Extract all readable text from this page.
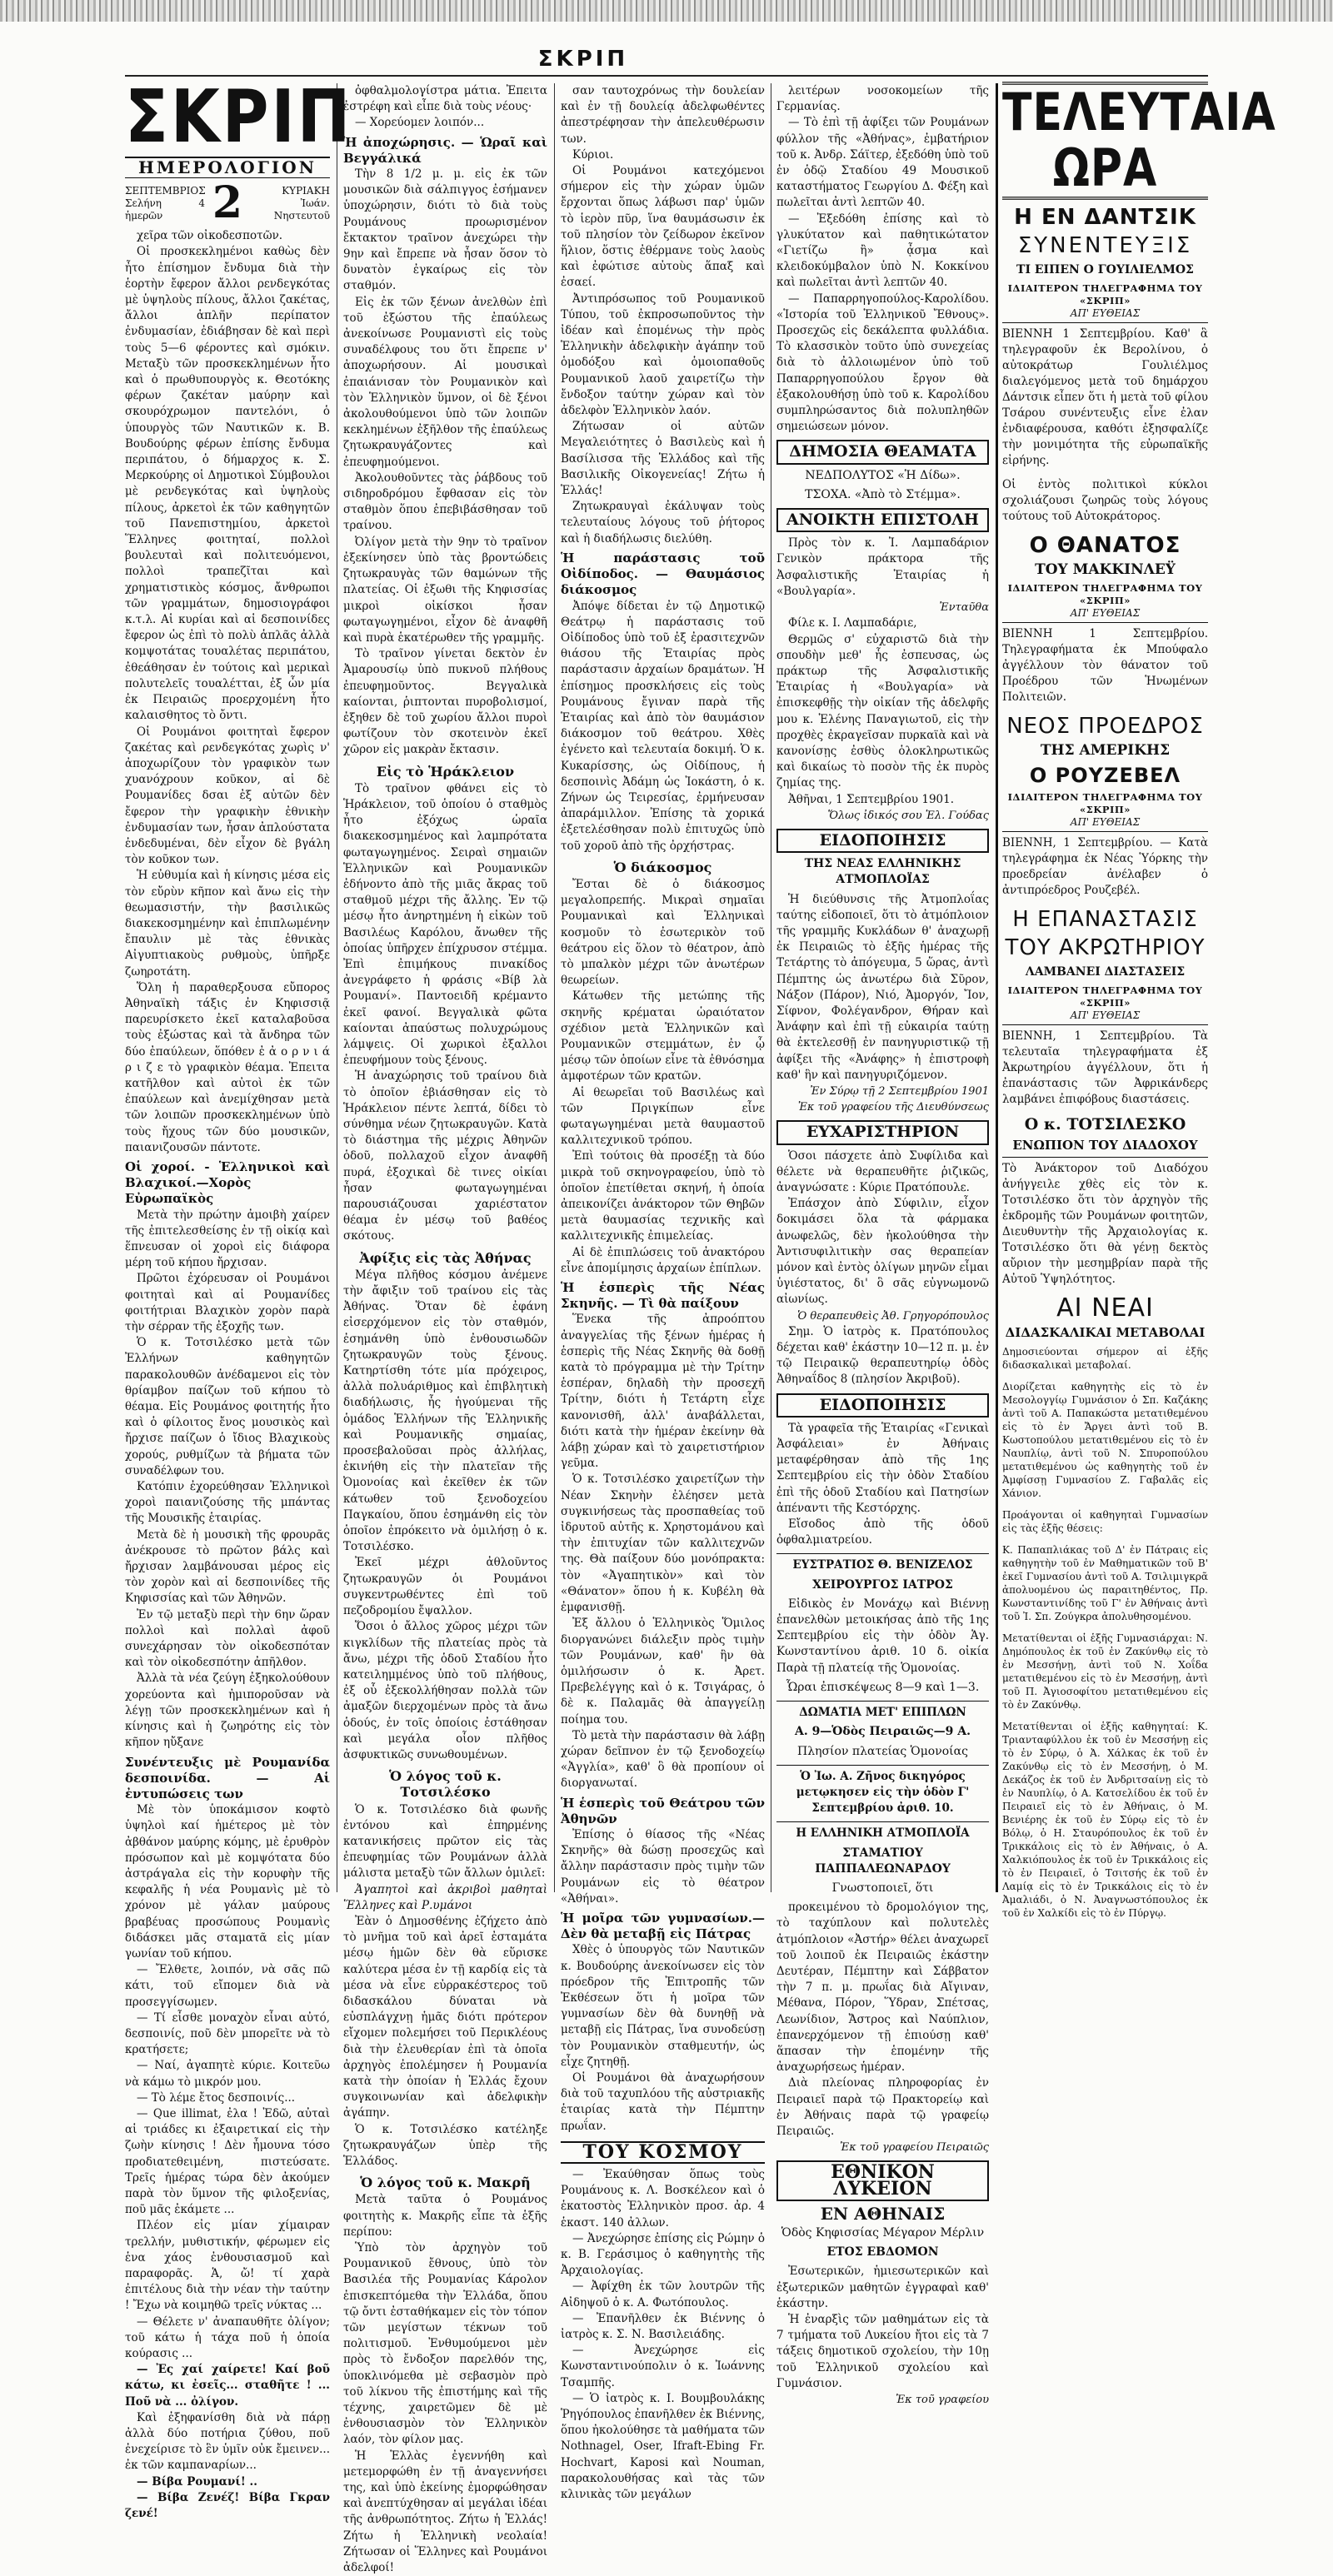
ΣΚΡΙΠ
ΣΚΡΙΠ
ΗΜΕΡΟΛΟΓΙΟΝ
ΣΕΠΤΕΜΒΡΙΟΣ
Σελήνη 4 ἡμερῶν	2	ΚΥΡΙΑΚΗ
Ἰωάν. Νηστευτοῦ

χεῖρα τῶν οἰκοδεσποτῶν.

Οἱ προσκεκλημένοι καθὼς δὲν ἦτο ἐπίσημον ἔνδυμα διὰ τὴν ἑορτὴν ἔφερον ἄλλοι ρενδεγκότας μὲ ὑψηλοὺς πίλους, ἄλλοι ζακέτας, ἄλλοι ἁπλῆν περίπατον ἐνδυμασίαν, ἐδιάβησαν δὲ καὶ περὶ τοὺς 5—6 φέροντες καὶ σμόκιν. Μεταξὺ τῶν προσκεκλημένων ἦτο καὶ ὁ πρωθυπουργὸς κ. Θεοτόκης φέρων ζακέταν μαύρην καὶ σκουρόχρωμον παντελόνι, ὁ ὑπουργὸς τῶν Ναυτικῶν κ. Β. Βουδούρης φέρων ἐπίσης ἔνδυμα περιπάτου, ὁ δήμαρχος κ. Σ. Μερκούρης οἱ Δημοτικοὶ Σύμβουλοι μὲ ρενδεγκότας καὶ ὑψηλοὺς πίλους, ἀρκετοὶ ἐκ τῶν καθηγητῶν τοῦ Πανεπιστημίου, ἀρκετοὶ Ἕλληνες φοιτηταί, πολλοὶ βουλευταὶ καὶ πολιτευόμενοι, πολλοὶ τραπεζῖται καὶ χρηματιστικὸς κόσμος, ἄνθρωποι τῶν γραμμάτων, δημοσιογράφοι κ.τ.λ. Αἱ κυρίαι καὶ αἱ δεσποινίδες ἔφερον ὡς ἐπὶ τὸ πολὺ ἁπλᾶς ἀλλὰ κομψοτάτας τουαλέτας περιπάτου, ἐθεάθησαν ἐν τούτοις καὶ μερικαὶ πολυτελεῖς τουαλέτται, ἐξ ὧν μία ἐκ Πειραιῶς προερχομένη ἦτο καλαισθητος τὸ ὄντι.

Οἱ Ρουμάνοι φοιτηταὶ ἔφερον ζακέτας καὶ ρενδεγκότας χωρὶς ν' ἀποχωρίζουν τὸν γραφικὸν των χυανόχρουν κοῦκον, αἱ δὲ Ρουμανίδες δσαι ἐξ αὐτῶν δὲν ἔφερον τὴν γραφικὴν ἐθνικὴν ἐνδυμασίαν των, ἦσαν ἀπλούστατα ἐνδεδυμέναι, δὲν εἶχον δὲ βγάλη τὸν κοῦκον των.

Ἡ εὐθυμία καὶ ἡ κίνησις μέσα εἰς τὸν εὔρὺν κῆπον καὶ ἄνω εἰς τὴν θεωμασιστήν, τὴν βασιλικῶς διακεκοσμημένην καὶ ἐπιπλωμένην ἔπαυλιν μὲ τὰς ἐθνικὰς Αἰγυπτιακοὺς ρυθμοὺς, ὑπῆρξε ζωηροτάτη.

Ὅλη ἡ παραθερξουσα εὔπορος Ἀθηναϊκὴ τάξις ἐν Κηφισσιᾷ παρευρίσκετο ἐκεῖ καταλαβοῦσα τοὺς ἐξώστας καὶ τὰ ἄνδηρα τῶν δύο ἐπαύλεων, ὅπόθεν ἐ ἀ ο ρ ν ι ά ρ ι ζ ε τὸ γραφικὸν θέαμα. Ἐπειτα κατῆλθον καὶ αὐτοὶ ἐκ τῶν ἐπαύλεων καὶ ἀνεμίχθησαν μετὰ τῶν λοιπῶν προσκεκλημένων ὑπὸ τοὺς ἤχους τῶν δύο μουσικῶν, παιανιζουσῶν πάντοτε.

Οἱ χοροί. - Ἑλληνικοὶ καὶ Βλαχικοί.—Χορὸς Εὐρωπαϊκὸς

Μετὰ τὴν πρώτην ἀμοιβὴ χαίρεν τῆς ἐπιτελεσθείσης ἐν τῇ οἰκίᾳ καὶ ἕπνευσαν οἱ χοροὶ εἰς διάφορα μέρη τοῦ κήπου ἤρχισαν.

Πρῶτοι ἐχόρευσαν οἱ Ρουμάνοι φοιτηταὶ καὶ αἱ Ρουμανίδες φοιτήτριαι Βλαχικὸν χορὸν παρὰ τὴν σέρραν τῆς ἐξοχῆς των.

Ὁ κ. Τοτσιλέσκο μετὰ τῶν Ἐλλήνων καθηγητῶν παρακολουθῶν ἀνέδαμενοι εἰς τὸν θρίαμβον παίζων τοῦ κήπου τὸ θέαμα. Εἰς Ρουμάνος φοιτητής ἦτο καὶ ὁ φίλοιτος ἔνος μουσικὸς καὶ ἤρχισε παίζων ὁ ἴδιος Βλαχικοὺς χορούς, ρυθμίζων τὰ βήματα τῶν συναδέλφων του.

Κατόπιν ἐχορεύθησαν Ἑλληνικοὶ χοροὶ παιανιζούσης τῆς μπάντας τῆς Μουσικῆς ἑταιρίας.

Μετὰ δὲ ἡ μουσικὴ τῆς φρουρᾶς ἀνέκρουσε τὸ πρῶτον βάλς καὶ ἤρχισαν λαμβάνουσαι μέρος εἰς τὸν χορὸν καὶ αἱ δεσποινίδες τῆς Κηφισσίας καὶ τῶν Ἀθηνῶν.

Ἐν τῷ μεταξὺ περὶ τὴν 6ην ὥραν πολλοὶ καὶ πολλαὶ ἀφοῦ συνεχάρησαν τὸν οἰκοδεσπόταν καὶ τὸν οἰκοδεσπότην ἀπῆλθον.

Ἀλλὰ τὰ νέα ζεύγη ἐξηκολούθουν χορεύοντα καὶ ἠμιποροῦσαν νὰ λέγῃ τῶν προσκεκλημένων καὶ ἡ κίνησις καὶ ἡ ζωηρότης εἰς τὸν κῆπον ηὔξανε

Συνέντευξις μὲ Ρουμανίδα δεσποινίδα. — Αἱ ἐντυπώσεις των

Μὲ τὸν ὑποκάμισον κοφτὸ ὑψηλοὶ καί ἡμέτερος μὲ τὸν ἀβθάνον μαύρης κόμης, μὲ ἐρυθρὸν πρόσωπον καὶ μὲ κομψότατα δύο ἀστράγαλα εἰς τὴν κορυφὴν τῆς κεφαλῆς ἡ νέα Ρουμανὶς μὲ τὸ χρόνον μὲ γάλαν μαύρους βραβέυας προσώπους Ρουμανὶς διδάσκει μᾶς σταματᾶ εἰς μίαν γωνίαν τοῦ κήπου.

— Ἔλθετε, λοιπόν, νὰ σᾶς πῶ κάτι, τοῦ εἴπομεν διὰ νὰ προσεγγίσωμεν.

— Τί εἶσθε μοναχὸν εἶναι αὐτό, δεσποινίς, ποῦ δὲν μπορεῖτε νὰ τὸ κρατήσετε;

— Ναί, ἀγαπητὲ κύριε. Κοιτεῦω νὰ κάμω τὸ μικρόν μου.

— Τὸ λέμε ἔτος δεσποινίς...

— Que illimat, ἐλα ! Ἐδῶ, αὐταὶ αἱ τριάδες κι ἐξαιρετικαί εἰς τὴν ζωὴν κίνησις ! Δὲν ἦμουνα τόσο προδιατεθειμένη, πιστεύσατε. Τρεῖς ἡμέρας τώρα δὲν ἀκούμεν παρὰ τὸν ὕμνον τῆς φιλοξενίας, ποῦ μᾶς ἐκάμετε ...

Πλέον εἰς μίαν χίμαιραν τρελλήν, μυθιστικήν, φέρωμεν εἰς ἑνα χάος ἐνθουσιασμοῦ καὶ παραφορᾶς. Ἁ, ὤ! τί χαρὰ ἐπιτέλους διὰ τὴν νέαν τὴν ταύτην ! Ἔχω νὰ κοιμηθῶ τρεῖς νύκτας ...

— Θέλετε ν' ἀναπαυθῆτε ὀλίγον; τοῦ κάτω ἡ τάχα ποῦ ἡ ὁποία κούρασις ...

— Ἐς χαί χαίρετε! Καί βοῦ κάτω, κι ἐσεῖς... σταθῆτε ! ... Ποῦ νὰ ... ὀλίγον.

Καὶ ἐξηφανίσθη διὰ νὰ πάρῃ ἀλλὰ δύο ποτήρια ζύθου, ποῦ ἐνεχείρισε τὸ ἓν ὑμῖν οὐκ ἔμεινεν... ἐκ τῶν καμπαναρίων...

— Βίβα Ρουμανί! ..

— Βίβα Ζενέζ! Βίβα Γκραν ζενέ!

ὀφθαλμολογίστρα μάτια. Ἐπειτα ἐστρέφη καὶ εἶπε διὰ τοὺς νέους·

— Χορεύομεν λοιπόν...

Ἡ ἀποχώρησις. — Ὡραῖ καὶ Βεγγάλικά

Τὴν 8 1/2 μ. μ. εἰς ἐκ τῶν μουσικῶν διὰ σάλπιγγος ἐσήμανεν ὑποχώρησιν, διότι τὸ διὰ τοὺς Ρουμάνους προωρισμένον ἔκτακτον τραῖνον ἀνεχώρει τὴν 9ην καὶ ἔπρεπε νὰ ἦσαν ὅσον τὸ δυνατὸν ἐγκαίρως εἰς τὸν σταθμόν.

Εἰς ἐκ τῶν ξένων ἀνελθὼν ἐπὶ τοῦ ἐξώστου τῆς ἐπαύλεως ἀνεκοίνωσε Ρουμανιστὶ εἰς τοὺς συναδέλφους του ὅτι ἔπρεπε ν' ἀποχωρήσουν. Αἱ μουσικαὶ ἐπαιάνισαν τὸν Ρουμανικὸν καὶ τὸν Ἑλληνικὸν ὕμνον, οἱ δὲ ξένοι ἀκολουθούμενοι ὑπὸ τῶν λοιπῶν κεκλημένων ἐξῆλθον τῆς ἐπαύλεως ζητωκραυγάζοντες καὶ ἐπευφημούμενοι.

Ἀκολουθοῦντες τὰς ῥάβδους τοῦ σιδηροδρόμου ἔφθασαν εἰς τὸν σταθμὸν ὅπου ἐπεβιβάσθησαν τοῦ τραίνου.

Ὀλίγον μετὰ τὴν 9ην τὸ τραῖνον ἐξεκίνησεν ὑπὸ τὰς βροντώδεις ζητωκραυγὰς τῶν θαμώνων τῆς πλατείας. Οἱ ἐξωθι τῆς Κηφισσίας μικροὶ οἰκίσκοι ἦσαν φωταγωγημένοι, εἶχον δὲ ἀναφθῆ καὶ πυρὰ ἑκατέρωθεν τῆς γραμμῆς.

Τὸ τραῖνον γίνεται δεκτὸν ἐν Ἀμαρουσίῳ ὑπὸ πυκνοῦ πλήθους ἐπευφημοῦντος. Βεγγαλικὰ καίονται, ῥιπτονται πυροβολισμοί, ἐξηθεν δὲ τοῦ χωρίου ἄλλοι πυροὶ φωτίζουν τὸν σκοτεινὸν ἐκεῖ χῶρον εἰς μακρὰν ἔκτασιν.

Εἰς τὸ Ἡράκλειον

Τὸ τραῖνον φθάνει εἰς τὸ Ἡράκλειον, τοῦ ὁποίου ὁ σταθμὸς ἦτο ἐξόχως ὡραῖα διακεκοσμημένος καὶ λαμπρότατα φωταγωγημένος. Σειραὶ σημαιῶν Ἑλληνικῶν καὶ Ρουμανικῶν ἐδήνοντο ἀπὸ τῆς μιᾶς ἄκρας τοῦ σταθμοῦ μέχρι τῆς ἄλλης. Ἐν τῷ μέσῳ ἦτο ἀνηρτημένη ἡ εἰκὼν τοῦ Βασιλέως Καρόλου, ἄνωθεν τῆς ὁποίας ὑπῆρχεν ἐπίχρυσον στέμμα. Ἐπὶ ἐπιμήκους πινακίδος ἀνεγράφετο ἡ φράσις «Βίβ λὰ Ρουμανί». Παντοειδῆ κρέμαντο ἐκεῖ φανοί. Βεγγαλικὰ φῶτα καίονται ἀπαύστως πολυχρώμους λάμψεις. Οἱ χωρικοὶ ἐξαλλοι ἐπευφήμουν τοὺς ξένους.

Ἡ ἀναχώρησις τοῦ τραίνου διὰ τὸ ὁποῖον ἐβιάσθησαν εἰς τὸ Ἡράκλειον πέντε λεπτά, δίδει τὸ σύνθημα νέων ζητωκραυγῶν. Κατὰ τὸ διάστημα τῆς μέχρις Ἀθηνῶν ὁδοῦ, πολλαχοῦ εἶχον ἀναφθῆ πυρά, ἐξοχικαὶ δὲ τινες οἰκίαι ἦσαν φωταγωγημέναι παρουσιάζουσαι χαριέστατον θέαμα ἐν μέσῳ τοῦ βαθέος σκότους.

Ἀφίξις εἰς τὰς Ἀθήνας

Μέγα πλῆθος κόσμου ἀνέμενε τὴν ἄφιξιν τοῦ τραίνου εἰς τὰς Ἀθήνας. Ὅταν δὲ ἐφάνη εἰσερχόμενον εἰς τὸν σταθμόν, ἐσημάνθη ὑπὸ ἐνθουσιωδῶν ζητωκραυγῶν τοὺς ξένους. Κατηρτίσθη τότε μία πρόχειρος, ἀλλὰ πολυάριθμος καὶ ἐπιβλητικὴ διαδήλωσις, ἧς ἡγούμεναι τῆς ὁμάδος Ἑλλήνων τῆς Ἑλληνικῆς καὶ Ρουμανικῆς σημαίας, προσεβαλοῦσαι πρὸς ἀλλήλας, ἐκινήθη εἰς τὴν πλατεῖαν τῆς Ὀμονοίας καὶ ἐκεῖθεν ἐκ τῶν κάτωθεν τοῦ ξενοδοχείου Παγκαίου, ὅπου ἐσημάνθη εἰς τὸν ὁποῖον ἐπρόκειτο νὰ ὁμιλήσῃ ὁ κ. Τοτσιλέσκο.

Ἐκεῖ μέχρι ἀθλοῦντος ζητωκραυγῶν ὁι Ρουμάνοι συγκεντρωθέντες ἐπὶ τοῦ πεζοδρομίου ἔψαλλον.

Ὅσοι ὁ ἄλλος χῶρος μέχρι τῶν κιγκλίδων τῆς πλατείας πρὸς τὰ ἄνω, μέχρι τῆς ὁδοῦ Σταδίου ἦτο κατειλημμένος ὑπὸ τοῦ πλήθους, ἐξ οὗ ἐξεκολλήθησαν πολλὰ τῶν ἀμαξῶν διερχομένων πρὸς τὰ ἄνω ὁδούς, ἐν τοῖς ὁποίοις ἐστάθησαν καὶ μεγάλα οἷον πλῆθος ἀσφυκτικῶς συνωθουμένων.

Ὁ λόγος τοῦ κ. Τοτσιλέσκο

Ὁ κ. Τοτσιλέσκο διὰ φωνῆς ἐντόνου καὶ ἐπηρμένης κατανικήσεις πρῶτον εἰς τὰς ἐπευφημίας τῶν Ρουμάνων ἀλλὰ μάλιστα μεταξὺ τῶν ἄλλων ὁμιλεῖ:

Ἀγαπητοὶ καὶ ἀκριβοὶ μαθηταὶ Ἕλληνες καὶ Ρ.υμάνοι

Ἐὰν ὁ Δημοσθένης ἐζήχετο ἀπὸ τὸ μνῆμα τοῦ καὶ ἀρεῖ ἐσταμάτα μέσῳ ἡμῶν δὲν θὰ εὕρισκε καλύτερα μέσα ἐν τῇ καρδίᾳ εἰς τὰ μέσα νὰ εἶνε εὐρρακέστερος τοῦ διδασκάλου δύναται νὰ εὐσπλάγχνῃ ἡμᾶς διότι πρότερον εἴχομεν πολεμήσει τοῦ Περικλέους διὰ τὴν ἐλευθερίαν ἐπὶ τὰ ὁποῖα ἀρχηγὸς ἐπολέμησεν ἡ Ρουμανία κατὰ τὴν ὁποίαν ἡ Ἑλλάς ἔχουν συγκοινωνίαν καὶ ἀδελφικὴν ἀγάπην.

Ὁ κ. Τοτσιλέσκο κατέληξε ζητωκραυγάζων ὑπὲρ τῆς Ἑλλάδος.

Ὁ λόγος τοῦ κ. Μακρῆ

Μετὰ ταῦτα ὁ Ρουμάνος φοιτητὴς κ. Μακρῆς εἶπε τὰ ἑξῆς περίπου:

Ὑπὸ τὸν ἀρχηγὸν τοῦ Ρουμανικοῦ ἔθνους, ὑπὸ τὸν Βασιλέα τῆς Ρουμανίας Κάρολον ἐπισκεπτόμεθα τὴν Ἑλλάδα, ὅπου τῷ ὄντι ἐσταθήκαμεν εἰς τὸν τόπον τῶν μεγίστων τέκνων τοῦ πολιτισμοῦ. Ἐνθυμούμενοι μὲν πρὸς τὸ ἔνδοξον παρελθόν της, ὑποκλινόμεθα μὲ σεβασμὸν πρὸ τοῦ λίκνου τῆς ἐπιστήμης καὶ τῆς τέχνης, χαιρετῶμεν δὲ μὲ ἐνθουσιασμὸν τὸν Ἑλληνικὸν λαόν, τὸν φίλον μας.

Ἡ Ἑλλὰς ἐγεννήθη καὶ μετεμορφώθη ἐν τῇ ἀναγεννήσει της, καὶ ὑπὸ ἐκείνης ἐμορφώθησαν καὶ ἀνεπτύχθησαν αἱ μεγάλαι ἰδέαι τῆς ἀνθρωπότητος. Ζήτω ἡ Ἑλλάς! Ζήτω ἡ Ἑλληνικὴ νεολαία! Ζήτωσαν οἱ Ἕλληνες καὶ Ρουμάνοι ἀδελφοί!

σαν ταυτοχρόνως τὴν δουλείαν καὶ ἐν τῇ δουλείᾳ ἀδελφωθέντες ἀπεστρέφησαν τὴν ἀπελευθέρωσιν των.

Κύριοι.

Οἱ Ρουμάνοι κατεχόμενοι σήμερον εἰς τὴν χώραν ὑμῶν ἔρχονται ὅπως λάβωσι παρ' ὑμῶν τὸ ἱερὸν πῦρ, ἵνα θαυμάσωσιν ἐκ τοῦ πλησίον τὸν ζείδωρον ἐκεῖνον ἥλιον, ὅστις ἐθέρμανε τοὺς λαοὺς καὶ ἐφώτισε αὐτοὺς ἅπαξ καὶ ἐσαεί.

Ἀντιπρόσωπος τοῦ Ρουμανικοῦ Τύπου, τοῦ ἐκπροσωποῦντος τὴν ἰδέαν καὶ ἐπομένως τὴν πρὸς Ἑλληνικὴν ἀδελφικὴν ἀγάπην τοῦ ὁμοδόξου καὶ ὁμοιοπαθοῦς Ρουμανικοῦ λαοῦ χαιρετίζω τὴν ἔνδοξον ταύτην χώραν καὶ τὸν ἀδελφὸν Ἑλληνικὸν λαόν.

Ζήτωσαν οἱ αὐτῶν Μεγαλειότητες ὁ Βασιλεὺς καὶ ἡ Βασίλισσα τῆς Ἑλλάδος καὶ τῆς Βασιλικῆς Οἰκογενείας! Ζήτω ἡ Ἑλλάς!

Ζητωκραυγαὶ ἐκάλυψαν τοὺς τελευταίους λόγους τοῦ ῥήτορος καὶ ἡ διαδήλωσις διελύθη.

Ἡ παράστασις τοῦ Οἰδίποδος. — Θαυμάσιος διάκοσμος

Ἀπόψε δίδεται ἐν τῷ Δημοτικῷ Θεάτρῳ ἡ παράστασις τοῦ Οἰδίποδος ὑπὸ τοῦ ἐξ ἐρασιτεχνῶν θιάσου τῆς Ἑταιρίας πρὸς παράστασιν ἀρχαίων δραμάτων. Ἡ ἐπίσημος προσκλήσεις εἰς τοὺς Ρουμάνους ἔγιναν παρὰ τῆς Ἑταιρίας καὶ ἀπὸ τὸν θαυμάσιον διάκοσμον τοῦ θεάτρου. Χθὲς ἐγένετο καὶ τελευταία δοκιμή. Ὁ κ. Κυκαρίσσης, ὡς Οἰδίπους, ἡ δεσποινὶς Ἀδάμη ὡς Ἰοκάστη, ὁ κ. Ζήνων ὡς Τειρεσίας, ἐρμήνευσαν ἀπαράμιλλον. Ἐπίσης τὰ χορικά ἐξετελέσθησαν πολὺ ἐπιτυχῶς ὑπὸ τοῦ χοροῦ ἀπὸ τῆς ὀρχήστρας.

Ὁ διάκοσμος

Ἔσται δὲ ὁ διάκοσμος μεγαλοπρεπής. Μικραὶ σημαῖαι Ρουμανικαὶ καὶ Ἑλληνικαὶ κοσμοῦν τὸ ἐσωτερικὸν τοῦ θεάτρου εἰς ὅλον τὸ θέατρον, ἀπὸ τὸ μπαλκὸν μέχρι τῶν ἀνωτέρων θεωρείων.

Κάτωθεν τῆς μετώπης τῆς σκηνῆς κρέμαται ὡραιότατον σχέδιον μετὰ Ἑλληνικῶν καὶ Ρουμανικῶν στεμμάτων, ἐν ᾧ μέσῳ τῶν ὁποίων εἶνε τὰ ἐθνόσημα ἀμφοτέρων τῶν κρατῶν.

Αἱ θεωρεῖαι τοῦ Βασιλέως καὶ τῶν Πριγκίπων εἶνε φωταγωγημέναι μετὰ θαυμαστοῦ καλλιτεχνικοῦ τρόπου.

Ἐπὶ τούτοις θὰ προσέξῃ τὰ δύο μικρὰ τοῦ σκηνογραφείου, ὑπὸ τὸ ὁποῖον ἐπετίθεται σκηνή, ἡ ὁποία ἀπεικονίζει ἀνάκτορον τῶν Θηβῶν μετὰ θαυμασίας τεχνικῆς καὶ καλλιτεχνικῆς ἐπιμελείας.

Αἱ δὲ ἐπιπλώσεις τοῦ ἀνακτόρου εἶνε ἀπομίμησις ἀρχαίων ἐπίπλων.

Ἡ ἑσπερὶς τῆς Νέας Σκηνῆς. — Τὶ θὰ παίξουν

Ἕνεκα τῆς ἀπροόπτου ἀναγγελίας τῆς ξένων ἡμέρας ἡ ἑσπερὶς τῆς Νέας Σκηνῆς θὰ δοθῇ κατὰ τὸ πρόγραμμα μὲ τὴν Τρίτην ἑσπέραν, δηλαδὴ τὴν προσεχῆ Τρίτην, διότι ἡ Τετάρτη εἶχε κανονισθῆ, ἀλλ' ἀναβάλλεται, διότι κατὰ τὴν ἡμέραν ἐκείνην θὰ λάβῃ χώραν καὶ τὸ χαιρετιστήριον γεῦμα.

Ὁ κ. Τοτσιλέσκο χαιρετίζων τὴν Νέαν Σκηνὴν ἐλέησεν μετὰ συγκινήσεως τὰς προσπαθείας τοῦ ἰδρυτοῦ αὐτῆς κ. Χρηστομάνου καὶ τὴν ἐπιτυχίαν τῶν καλλιτεχνῶν της. Θὰ παίξουν δύο μονόπρακτα: τὸν «Ἀγαπητικὸν» καὶ τὸν «Θάνατον» ὅπου ἡ κ. Κυβέλη θὰ ἐμφανισθῇ.

Ἐξ ἄλλου ὁ Ἑλληνικὸς Ὅμιλος διοργανώνει διάλεξιν πρὸς τιμὴν τῶν Ρουμάνων, καθ' ἣν θὰ ὁμιλήσωσιν ὁ κ. Ἀρετ. Πρεβελέγγης καὶ ὁ κ. Τσιγάρας, ὁ δὲ κ. Παλαμᾶς θὰ ἀπαγγείλῃ ποίημα του.

Τὸ μετὰ τὴν παράστασιν θὰ λάβῃ χώραν δεῖπνον ἐν τῷ ξενοδοχείῳ «Ἀγγλία», καθ' ὃ θὰ προπίουν οἱ διοργανωταί.

Ἡ ἑσπερὶς τοῦ Θεάτρου τῶν Ἀθηνῶν

Ἐπίσης ὁ θίασος τῆς «Νέας Σκηνῆς» θὰ δώσῃ προσεχῶς καὶ ἄλλην παράστασιν πρὸς τιμὴν τῶν Ρουμάνων εἰς τὸ θέατρον «Ἀθήναι».

Ἡ μοῖρα τῶν γυμνασίων.—Δὲν θὰ μεταβῇ εἰς Πάτρας

Χθὲς ὁ ὑπουργὸς τῶν Ναυτικῶν κ. Βουδούρης ἀνεκοίνωσεν εἰς τὸν πρόεδρον τῆς Ἐπιτροπῆς τῶν Ἐκθέσεων ὅτι ἡ μοῖρα τῶν γυμνασίων δὲν θὰ δυνηθῇ νὰ μεταβῇ εἰς Πάτρας, ἵνα συνοδεύσῃ τὸν Ρουμανικὸν σταθμευτήν, ὡς εἶχε ζητηθῇ.

Οἱ Ρουμάνοι θὰ ἀναχωρήσουν διὰ τοῦ ταχυπλόου τῆς αὐστριακῆς ἑταιρίας κατὰ τὴν Πέμπτην πρωΐαν.

ΤΟΥ ΚΟΣΜΟΥ

— Ἐκαύθησαν ὅπως τοὺς Ρουμάνους κ. Λ. Βοσκέλεον καὶ ὁ ἑκατοστὸς Ἐλληνικὸν προσ. ἀρ. 4 ἑκαστ. 140 ἀλλων.

— Ἀνεχώρησε ἐπίσης εἰς Ρώμην ὁ κ. Β. Γεράσιμος ὁ καθηγητὴς τῆς Ἀρχαιολογίας.

— Ἀφίχθη ἐκ τῶν λουτρῶν τῆς Αἰδηψοῦ ὁ κ. Α. Φωτόπουλος.

— Ἐπανῆλθεν ἐκ Βιέννης ὁ ἰατρὸς κ. Σ. Ν. Βασιλειάδης.

— Ἀνεχώρησε εἰς Κωνσταντινούπολιν ὁ κ. Ἰωάννης Τσαμπῆς.

— Ὁ ἰατρὸς κ. Ι. Βουμβουλάκης Ῥηγόπουλος ἐπανῆλθεν ἐκ Βιέννης, ὅπου ἠκολούθησε τὰ μαθήματα τῶν Nothnagel, Oser, Ifraft-Ebing Fr. Hochvart, Kaposi καὶ Nouman, παρακολουθήσας καὶ τὰς τῶν κλινικὰς τῶν μεγάλων

λειτέρων νοσοκομείων τῆς Γερμανίας.

— Τὸ ἐπὶ τῇ ἀφίξει τῶν Ρουμάνων φύλλον τῆς «Ἀθήνας», ἐμβατήριον τοῦ κ. Ἀνδρ. Σάϊτερ, ἐξεδόθη ὑπὸ τοῦ ἐν ὁδῷ Σταδίου 49 Μουσικοῦ καταστήματος Γεωργίου Δ. Φέξη καὶ πωλεῖται ἀντὶ λεπτῶν 40.

— Ἐξεδόθη ἐπίσης καὶ τὸ γλυκύτατον καὶ παθητικώτατον «Γιετίζω ἢ» ᾆσμα καὶ κλειδοκύμβαλον ὑπὸ Ν. Κοκκίνου καὶ πωλεῖται ἀντὶ λεπτῶν 40.

— Παπαρρηγοπούλος-Καρολίδου. «Ἱστορία τοῦ Ἑλληνικοῦ Ἔθνους». Προσεχῶς εἰς δεκάλεπτα φυλλάδια. Τὸ κλασσικὸν τοῦτο ὑπὸ συνεχείας διὰ τὸ ἀλλοιωμένον ὑπὸ τοῦ Παπαρρηγοπούλου ἔργον θὰ ἐξακολουθήσῃ ὑπὸ τοῦ κ. Καρολίδου συμπληρώσαντος διὰ πολυπληθῶν σημειώσεων μόνον.

ΔΗΜΟΣΙΑ ΘΕΑΜΑΤΑ

ΝΕΔΠΟΛΥΤΟΣ «Ἡ Δίδω».

ΤΣΟΧΑ. «Ἀπὸ τὸ Στέμμα».

ΑΝΟΙΚΤΗ ΕΠΙΣΤΟΛΗ

Πρὸς τὸν κ. Ἰ. Λαμπαδάριον Γενικὸν πράκτορα τῆς Ἀσφαλιστικῆς Ἑταιρίας ἡ «Βουλγαρία».

Ἐνταῦθα

Φίλε κ. Ι. Λαμπαδάριε,

Θερμῶς σ' εὐχαριστῶ διὰ τὴν σπουδὴν μεθ' ἧς ἐσπευσας, ὡς πράκτωρ τῆς Ἀσφαλιστικῆς Ἑταιρίας ἡ «Βουλγαρία» νὰ ἐπισκεφθῇς τὴν οἰκίαν τῆς ἀδελφῆς μου κ. Ἑλένης Παναγιωτοῦ, εἰς τὴν προχθὲς ἐκραγεῖσαν πυρκαϊὰ καὶ νὰ κανονίσῃς ἐσθὺς ὁλοκληρωτικῶς καὶ δικαίως τὸ ποσὸν τῆς ἐκ πυρὸς ζημίας της.

Ἀθῆναι, 1 Σεπτεμβρίου 1901.

Ὅλως ἰδικός σου Ἐλ. Γούδας

ΕΙΔΟΠΟΙΗΣΙΣ

ΤΗΣ ΝΕΑΣ ΕΛΛΗΝΙΚΗΣ ΑΤΜΟΠΛΟΪΑΣ

Ἡ διεύθυνσις τῆς Ἀτμοπλοΐας ταύτης εἰδοποιεῖ, ὅτι τὸ ἀτμόπλοιον τῆς γραμμῆς Κυκλάδων θ' ἀναχωρῇ ἐκ Πειραιῶς τὸ ἑξῆς ἡμέρας τῆς Τετάρτης τὸ ἀπόγευμα, 5 ὥρας, ἀντὶ Πέμπτης ὡς ἀνωτέρω διὰ Σῦρον, Νάξον (Πάρον), Νιό, Ἀμοργόν, Ἴον, Σίφνον, Φολέγανδρον, Θήραν καὶ Ἀνάφην καὶ ἐπὶ τῇ εὐκαιρία ταύτῃ θὰ ἐκτελεσθῇ ἐν πανηγυριστικῷ τῇ ἀφίξει τῆς «Ἀνάφης» ἡ ἐπιστροφὴ καθ' ἣν καὶ πανηγυριζόμενον.

Ἐν Σύρῳ τῇ 2 Σεπτεμβρίου 1901

Ἐκ τοῦ γραφείου τῆς Διευθύνσεως

ΕΥΧΑΡΙΣΤΗΡΙΟΝ

Ὁσοι πάσχετε ἀπὸ Συφίλιδα καὶ θέλετε νὰ θεραπευθῆτε ῥιζικῶς, ἀναγνώσατε : Κύριε Πρατόπουλε.

Ἐπάσχον ἀπὸ Σύφιλιν, εἶχον δοκιμάσει ὅλα τὰ φάρμακα ἀνωφελῶς, δὲν ἠκολούθησα τὴν Ἀντισυφιλιτικὴν σας θεραπείαν μόνον καὶ ἐντὸς ὀλίγων μηνῶν εἶμαι ὑγιέστατος, δι' ὃ σᾶς εὐγνωμονῶ αἰωνίως.

Ὁ θεραπευθεὶς Ἀθ. Γρηγορόπουλος

Σημ. Ὁ ἰατρὸς κ. Πρατόπουλος δέχεται καθ' ἑκάστην 10—12 π. μ. ἐν τῷ Πειραικῷ θεραπευτηρίῳ ὁδὸς Ἀθηναΐδος 8 (πλησίον Ἀκριβοῦ).

ΕΙΔΟΠΟΙΗΣΙΣ

Τὰ γραφεῖα τῆς Ἑταιρίας «Γενικαὶ Ἀσφάλειαι» ἐν Ἀθήναις μεταφέρθησαν ἀπὸ τῆς 1ης Σεπτεμβρίου εἰς τὴν ὁδὸν Σταδίου ἐπὶ τῆς ὁδοῦ Σταδίου καὶ Πατησίων ἀπέναντι τῆς Κεστόρχης.

Εἴσοδος ἀπὸ τῆς ὁδοῦ ὀφθαλμιατρείου.

ΕΥΣΤΡΑΤΙΟΣ Θ. ΒΕΝΙΖΕΛΟΣ

ΧΕΙΡΟΥΡΓΟΣ ΙΑΤΡΟΣ

Εἰδικὸς ἐν Μονάχῳ καὶ Βιέννῃ ἐπανελθὼν μετοικήσας ἀπὸ τῆς 1ης Σεπτεμβρίου εἰς τὴν ὁδὸν Ἁγ. Κωνσταντίνου ἀριθ. 10 δ. οἰκία Παρὰ τῇ πλατείᾳ τῆς Ὁμονοίας.

Ὧραι ἐπισκέψεως 8—9 καὶ 1—3.

ΔΩΜΑΤΙΑ ΜΕΤ' ΕΠΙΠΛΩΝ

Α. 9—Ὁδὸς Πειραιῶς—9 Α.

Πλησίον πλατείας Ὁμονοίας

Ὁ Ἰω. Α. Ζῆνος δικηγόρος μετῳκησεν εἰς τὴν ὁδὸν Γ' Σεπτεμβρίου ἀριθ. 10.

Η ΕΛΛΗΝΙΚΗ ΑΤΜΟΠΛΟΪΑ

ΣΤΑΜΑΤΙΟΥ ΠΑΠΠΑΛΕΩΝΑΡΔΟΥ

Γνωστοποιεῖ, ὅτι

προκειμένου τὸ δρομολόγιον της, τὸ ταχύπλουν καὶ πολυτελὲς ἀτμόπλοιον «Ἀστήρ» θέλει ἀναχωρεῖ τοῦ λοιποῦ ἐκ Πειραιῶς ἐκάστην Δευτέραν, Πέμπτην καὶ Σάββατον τὴν 7 π. μ. πρωΐας διὰ Αἴγιναν, Μέθανα, Πόρον, Ὕδραν, Σπέτσας, Λεωνίδιον, Ἄστρος καὶ Ναύπλιον, ἐπανερχόμενον τῇ ἐπιούσῃ καθ' ἅπασαν τὴν ἑπομένην τῆς ἀναχωρήσεως ἡμέραν.

Διὰ πλείονας πληροφορίας ἐν Πειραιεῖ παρὰ τῷ Πρακτορείῳ καὶ ἐν Ἀθήναις παρὰ τῷ γραφείῳ Πειραιῶς.

Ἐκ τοῦ γραφείου Πειραιῶς

ΕΘΝΙΚΟΝ ΛΥΚΕΙΟΝ

ΕΝ ΑΘΗΝΑΙΣ

Ὁδὸς Κηφισσίας Μέγαρον Μέρλιν

ΕΤΟΣ ΕΒΔΟΜΟΝ

Ἐσωτερικῶν, ἡμιεσωτερικῶν καὶ ἐξωτερικῶν μαθητῶν ἐγγραφαὶ καθ' ἑκάστην.

Ἡ ἐναρξὶς τῶν μαθημάτων εἰς τὰ 7 τμήματα τοῦ Λυκείου ἤτοι εἰς τὰ 7 τάξεις δημοτικοῦ σχολείου, τὴν 10ῃ τοῦ Ἑλληνικοῦ σχολείου καὶ Γυμνάσιον.

Ἐκ τοῦ γραφείου

ΤΕΛΕΥΤΑΙΑ ΩΡΑ
Η ΕΝ ΔΑΝΤΣΙΚ
ΣΥΝΕΝΤΕΥΞΙΣ
ΤΙ ΕΙΠΕΝ Ο ΓΟΥΙΛΙΕΛΜΟΣ
ΙΔΙΑΙΤΕΡΟΝ ΤΗΛΕΓΡΑΦΗΜΑ ΤΟΥ «ΣΚΡΙΠ»
ΑΠ' ΕΥΘΕΙΑΣ

ΒΙΕΝΝΗ 1 Σεπτεμβρίου. Καθ' ἃ τηλεγραφοῦν ἐκ Βερολίνου, ὁ αὐτοκράτωρ Γουλιέλμος διαλεγόμενος μετὰ τοῦ δημάρχου Δάντσικ εἶπεν ὅτι ἡ μετὰ τοῦ φίλου Τσάρου συνέντευξις εἶνε ἐλαν ἐνδιαφέρουσα, καθότι ἐξησφαλίζε τὴν μονιμότητα τῆς εὐρωπαϊκῆς εἰρήνης.

Οἱ ἐντὸς πολιτικοὶ κύκλοι σχολιάζουσι ζωηρῶς τοὺς λόγους τούτους τοῦ Αὐτοκράτορος.

Ο ΘΑΝΑΤΟΣ
ΤΟΥ ΜΑΚΚΙΝΛΕΫ
ΙΔΙΑΙΤΕΡΟΝ ΤΗΛΕΓΡΑΦΗΜΑ ΤΟΥ «ΣΚΡΙΠ»
ΑΠ' ΕΥΘΕΙΑΣ

ΒΙΕΝΝΗ 1 Σεπτεμβρίου. Τηλεγραφήματα ἐκ Μπούφαλο ἀγγέλλουν τὸν θάνατον τοῦ Προέδρου τῶν Ἡνωμένων Πολιτειῶν.

ΝΕΟΣ ΠΡΟΕΔΡΟΣ
ΤΗΣ ΑΜΕΡΙΚΗΣ
Ο ΡΟΥΖΕΒΕΛ
ΙΔΙΑΙΤΕΡΟΝ ΤΗΛΕΓΡΑΦΗΜΑ ΤΟΥ «ΣΚΡΙΠ»
ΑΠ' ΕΥΘΕΙΑΣ

ΒΙΕΝΝΗ, 1 Σεπτεμβρίου. — Κατὰ τηλεγράφημα ἐκ Νέας Ὑόρκης τὴν προεδρείαν ἀνέλαβεν ὁ ἀντιπρόεδρος Ρουζεβέλ.

Η ΕΠΑΝΑΣΤΑΣΙΣ
ΤΟΥ ΑΚΡΩΤΗΡΙΟΥ
ΛΑΜΒΑΝΕΙ ΔΙΑΣΤΑΣΕΙΣ
ΙΔΙΑΙΤΕΡΟΝ ΤΗΛΕΓΡΑΦΗΜΑ ΤΟΥ «ΣΚΡΙΠ»
ΑΠ' ΕΥΘΕΙΑΣ

ΒΙΕΝΝΗ, 1 Σεπτεμβρίου. Τὰ τελευταῖα τηλεγραφήματα ἐξ Ἀκρωτηρίου ἀγγέλλουν, ὅτι ἡ ἐπανάστασις τῶν Ἀφρικάνδερς λαμβάνει ἐπιφόβους διαστάσεις.

Ο κ. ΤΟΤΣΙΛΕΣΚΟ
ΕΝΩΠΙΟΝ ΤΟΥ ΔΙΑΔΟΧΟΥ

Τὸ Ἀνάκτορον τοῦ Διαδόχου ἀνήγγειλε χθὲς εἰς τὸν κ. Τοτσιλέσκο ὅτι τὸν ἀρχηγὸν τῆς ἐκδρομῆς τῶν Ρουμάνων φοιτητῶν, Διευθυντὴν τῆς Ἀρχαιολογίας κ. Τοτσιλέσκο ὅτι θὰ γένῃ δεκτὸς αὔριον τὴν μεσημβρίαν παρὰ τῆς Αὐτοῦ Ὑψηλότητος.

ΑΙ ΝΕΑΙ
ΔΙΔΑΣΚΑΛΙΚΑΙ ΜΕΤΑΒΟΛΑΙ

Δημοσιεύονται σήμερον αἱ ἑξῆς διδασκαλικαὶ μεταβολαί.

Διορίζεται καθηγητὴς εἰς τὸ ἐν Μεσολογγίῳ Γυμνάσιον ὁ Σπ. Καζάκης ἀντὶ τοῦ Α. Παπακώστα μετατιθεμένου εἰς τὸ ἐν Ἄργει ἀντὶ τοῦ Β. Κωστοπούλου μετατιθεμένου εἰς τὸ ἐν Ναυπλίῳ, ἀντὶ τοῦ Ν. Σπυροπούλου μετατιθεμένου ὡς καθηγητὴς τοῦ ἐν Ἀμφίσσῃ Γυμνασίου Ζ. Γαβαλᾶς εἰς Χάνιον.

Προάγονται οἱ καθηγηταὶ Γυμνασίων εἰς τὰς ἑξῆς θέσεις:

Κ. Παπαπλιάκας τοῦ Δ' ἐν Πάτραις εἰς καθηγητὴν τοῦ ἐν Μαθηματικῶν τοῦ Β' ἐκεῖ Γυμνασίου ἀντὶ τοῦ Α. Τσιλιμιγκρᾶ ἀπολυομένου ὡς παραιτηθέντος, Πρ. Κωνσταντινίδης τοῦ Γ' ἐν Ἀθήναις ἀντὶ τοῦ Ἰ. Σπ. Ζούγκρα ἀπολυθησομένου.

Μετατίθενται οἱ ἑξῆς Γυμνασιάρχαι: Ν. Δημόπουλος ἐκ τοῦ ἐν Ζακύνθῳ εἰς τὸ ἐν Μεσσήνῃ, ἀντὶ τοῦ Ν. Χοΐδα μετατιθεμένου εἰς τὸ ἐν Μεσσήνῃ, ἀντὶ τοῦ Π. Ἀγιοσοφίτου μετατιθεμένου εἰς τὸ ἐν Ζακύνθῳ.

Μετατίθενται οἱ ἑξῆς καθηγηταί: Κ. Τριανταφύλλου ἐκ τοῦ ἐν Μεσσήνῃ εἰς τὸ ἐν Σύρῳ, ὁ Ἀ. Χάλκας ἐκ τοῦ ἐν Ζακύνθῳ εἰς τὸ ἐν Μεσσήνῃ, ὁ Μ. Δεκάζος ἐκ τοῦ ἐν Ἀνδριτσαίνῃ εἰς τὸ ἐν Ναυπλίῳ, ὁ Α. Κατσελίδου ἐκ τοῦ ἐν Πειραιεῖ εἰς τὸ ἐν Ἀθήναις, ὁ Μ. Βενιέρης ἐκ τοῦ ἐν Σύρῳ εἰς τὸ ἐν Βόλῳ, ὁ Η. Σταυρόπουλος ἐκ τοῦ ἐν Τρικκάλοις εἰς τὸ ἐν Ἀθήναις, ὁ Α. Χαλκιόπουλος ἐκ τοῦ ἐν Τρικκάλοις εἰς τὸ ἐν Πειραιεῖ, ὁ Τσιτσής ἐκ τοῦ ἐν Λαμίᾳ εἰς τὸ ἐν Τρικκάλοις εἰς τὸ ἐν Ἀμαλιάδι, ὁ Ν. Ἀναγνωστόπουλος ἐκ τοῦ ἐν Χαλκίδι εἰς τὸ ἐν Πύργῳ.
